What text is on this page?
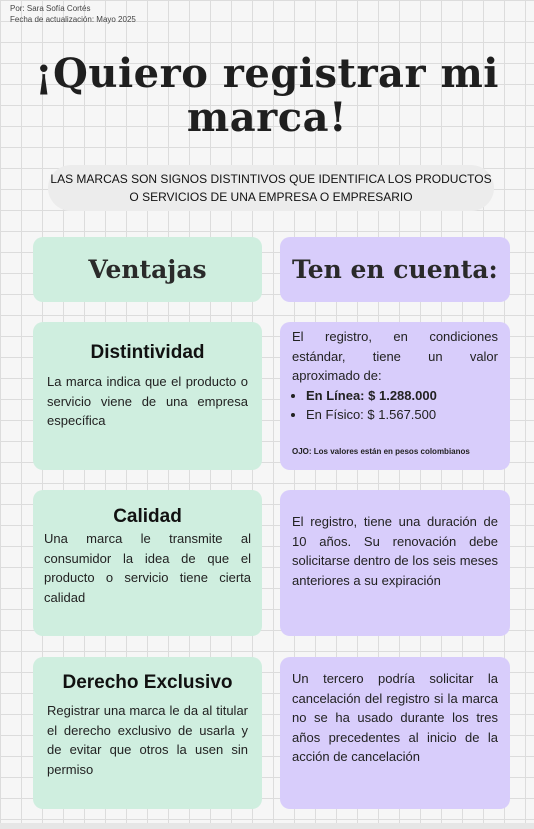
Por: Sara Sofía Cortés
Fecha de actualización: Mayo 2025
¡Quiero registrar mi
marca!
LAS MARCAS SON SIGNOS DISTINTIVOS QUE IDENTIFICA LOS PRODUCTOS
O SERVICIOS DE UNA EMPRESA O EMPRESARIO
Ventajas	Ten en cuenta:
Distintividad
La marca indica que el producto o servicio viene de una empresa específica
El registro, en condiciones estándar, tiene un valor aproximado de:
• En Línea: $ 1.288.000
• En Físico: $ 1.567.500
OJO: Los valores están en pesos colombianos
Calidad
Una marca le transmite al consumidor la idea de que el producto o servicio tiene cierta calidad
El registro, tiene una duración de 10 años. Su renovación debe solicitarse dentro de los seis meses anteriores a su expiración
Derecho Exclusivo
Registrar una marca le da al titular el derecho exclusivo de usarla y de evitar que otros la usen sin permiso
Un tercero podría solicitar la cancelación del registro si la marca no se ha usado durante los tres años precedentes al inicio de la acción de cancelación
